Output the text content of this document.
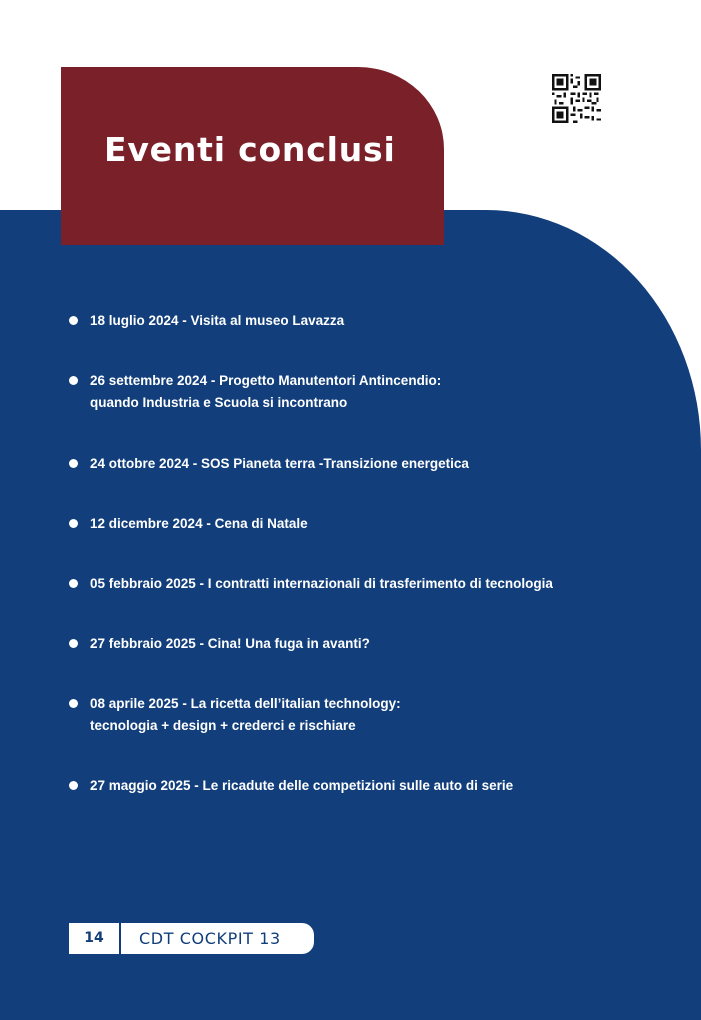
Eventi conclusi
18 luglio 2024 - Visita al museo Lavazza
26 settembre 2024 - Progetto Manutentori Antincendio:
quando Industria e Scuola si incontrano
24 ottobre 2024 - SOS Pianeta terra -Transizione energetica
12 dicembre 2024 - Cena di Natale
05 febbraio 2025 - I contratti internazionali di trasferimento di tecnologia
27 febbraio 2025 - Cina! Una fuga in avanti?
08 aprile 2025 - La ricetta dell’italian technology:
tecnologia + design + crederci e rischiare
27 maggio 2025 - Le ricadute delle competizioni sulle auto di serie
14	CDT COCKPIT 13
